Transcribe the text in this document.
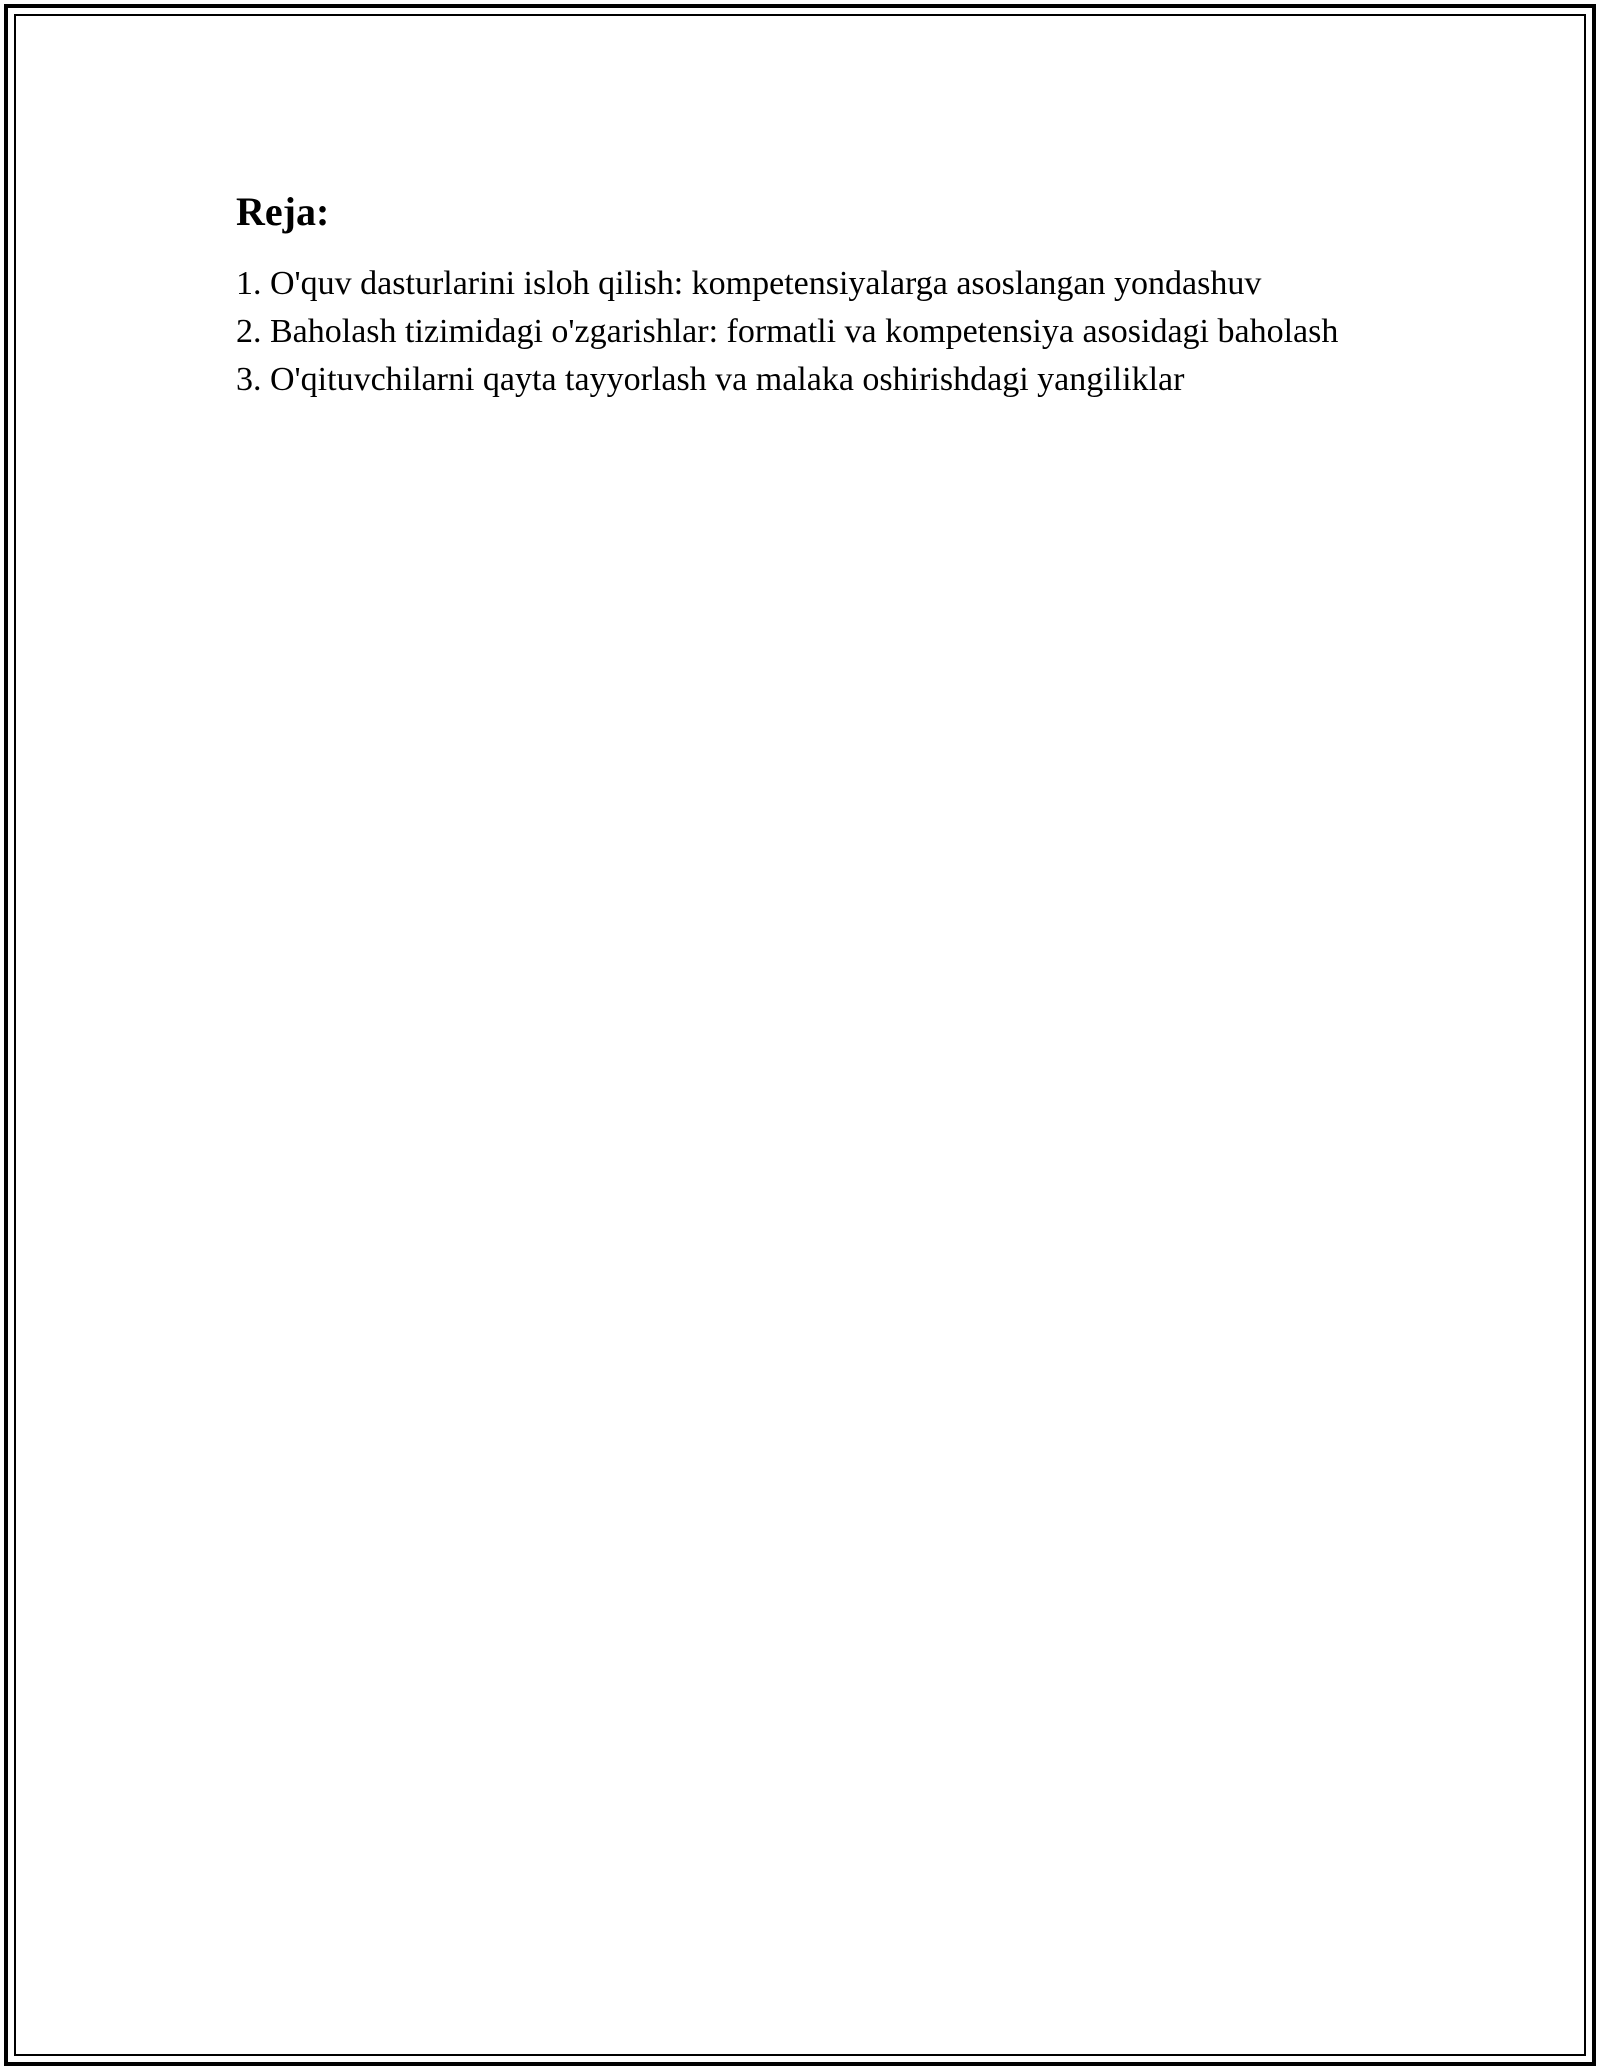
Reja:
1. O'quv dasturlarini isloh qilish: kompetensiyalarga asoslangan yondashuv
2. Baholash tizimidagi o'zgarishlar: formatli va kompetensiya asosidagi baholash
3. O'qituvchilarni qayta tayyorlash va malaka oshirishdagi yangiliklar
